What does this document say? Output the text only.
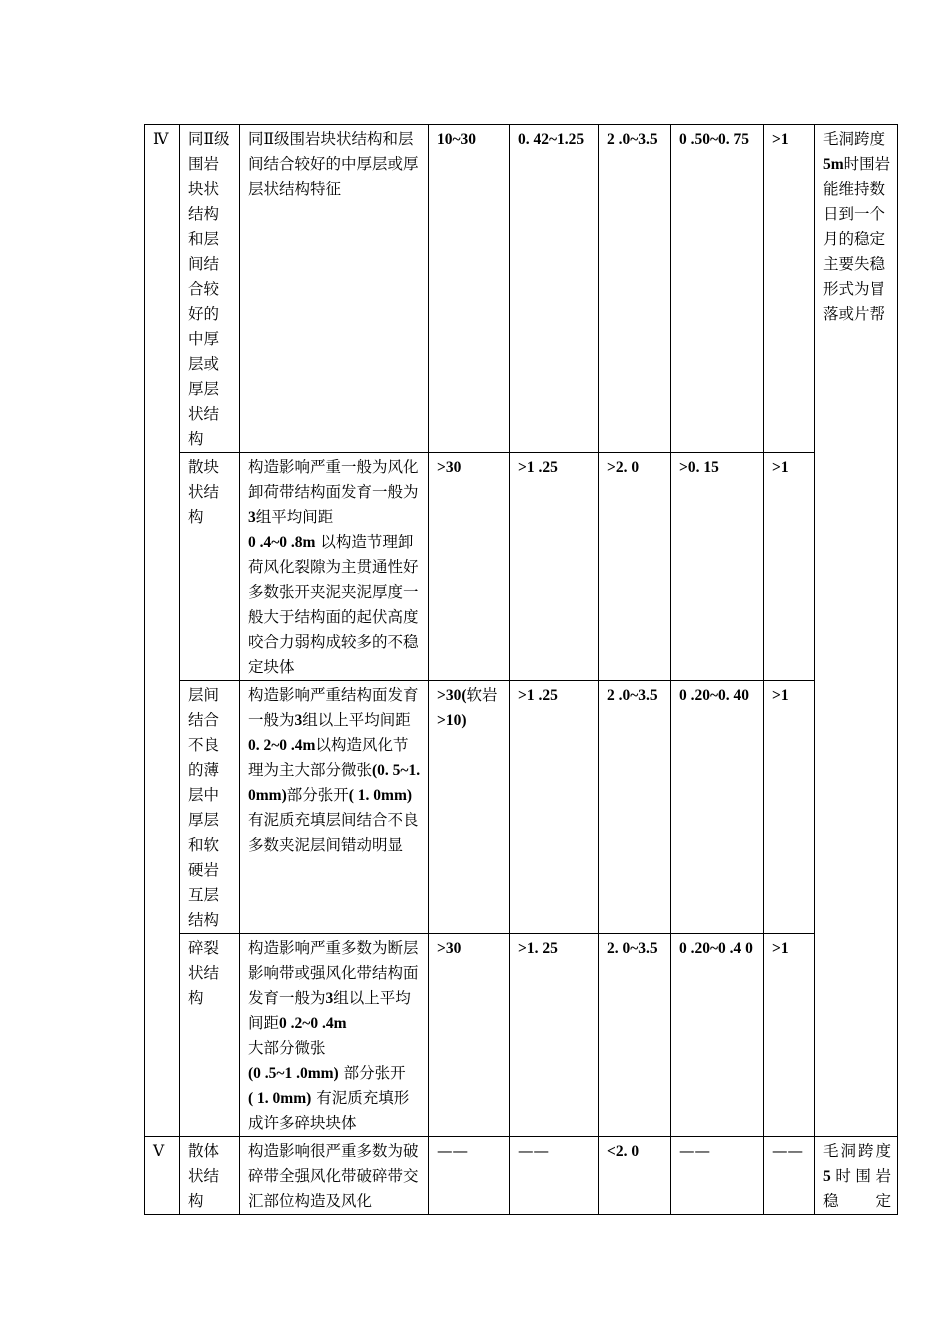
Ⅳ	同Ⅱ级围岩块状结构和层间结合较好的中厚层或厚层状结构	同Ⅱ级围岩块状结构和层间结合较好的中厚层或厚层状结构特征	10~30	0. 42~1.25	2 .0~3.5	0 .50~0. 75	>1	毛洞跨度5m时围岩能维持数日到一个月的稳定主要失稳形式为冒落或片帮
	散块状结构	构造影响严重一般为风化卸荷带结构面发育一般为3组平均间距
0 .4~0 .8m 以构造节理卸荷风化裂隙为主贯通性好多数张开夹泥夹泥厚度一般大于结构面的起伏高度咬合力弱构成较多的不稳定块体	>30	>1 .25	>2. 0	>0. 15	>1	
	层间结合不良的薄层中厚层和软硬岩互层结构	构造影响严重结构面发育一般为3组以上平均间距0. 2~0 .4m以构造风化节理为主大部分微张(0. 5~1. 0mm)部分张开( 1. 0mm)有泥质充填层间结合不良多数夹泥层间错动明显	>30(软岩>10)	>1 .25	2 .0~3.5	0 .20~0. 40	>1	
	碎裂状结构	构造影响严重多数为断层影响带或强风化带结构面发育一般为3组以上平均间距0 .2~0 .4m
大部分微张
(0 .5~1 .0mm) 部分张开
( 1. 0mm) 有泥质充填形成许多碎块块体	>30	>1. 25	2. 0~3.5	0 .20~0 .4 0	>1	
Ⅴ	散体状结构	构造影响很严重多数为破碎带全强风化带破碎带交汇部位构造及风化	——	——	<2. 0	——	——	毛洞跨度5时围岩稳定
